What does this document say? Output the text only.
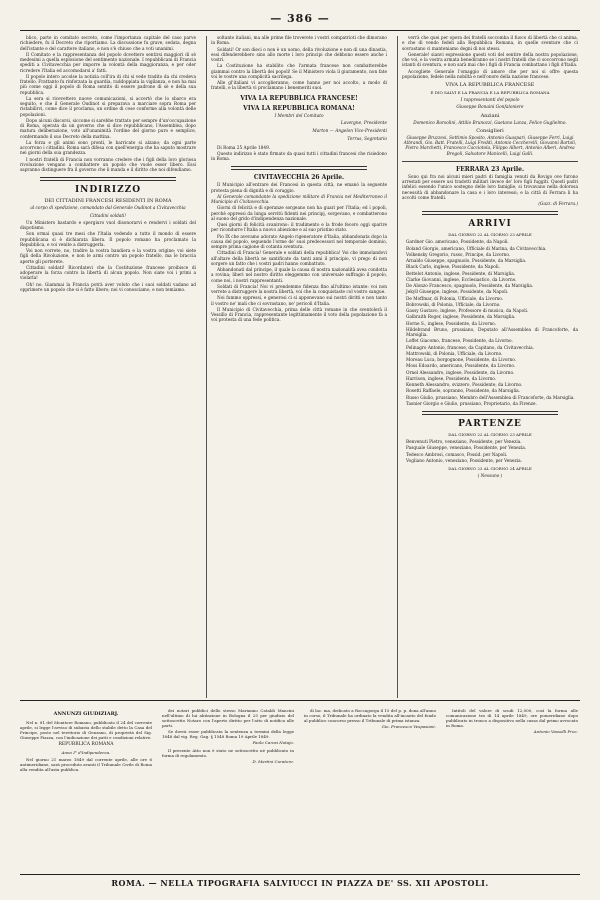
— 386 —

blico, parte in comitato secreto, come l'importanza capitale del caso parve richiedere, fu il Decreto che riportiamo. La discussione fu grave, sedata, degna dell'istante e del carattere italiano, e non s'è chiuso che a voti unanimi.

Il Comitato e la rappresentanza del popolo dovettero sentirsi maggiori di sè medesimi a quella esplosione del sentimento nazionale. I repubblicani di Francia spediti a Civitavecchia per imporre la volontà della maggioranza, e per oder ricredere l'Italia ed accomodarsi a' fatti.

Il popolo intero accolse la notizia coll'ira di chi si vede tradito da chi credeva fratello. Frattanto fu rinforzata la guardia, raddoppiata la vigilanza, e non ha mai più come oggi il popolo di Roma sentito di essere padrone di sè e della sua repubblica.

La sera si ricevettero nuove comunicazioni, si accertò che lo sbarco era seguito, e che il Generale Oudinot si preparava a marciare sopra Roma per ristabilirvi, come dice il proclama, un ordine di cose conforme alla volontà delle popolazioni.

Dopo alcuni discorsi, siccome si sarebbe trattato per sempre d'un'occupazione di Roma, operata da un governo che si dice repubblicano, l'Assemblea, dopo matura deliberazione, votò all'unanimità l'ordine del giorno puro e semplice, confermando il suo Decreto della mattina.

La forza e gli animi sono pronti, le barricate si alzano; da ogni parte accorrono i cittadini. Roma sarà difesa con quell'energia che ha saputo mostrare nei giorni della sua grandezza.

I nostri fratelli di Francia non vorranno credere che i figli della loro gloriosa rivoluzione vengano a combattere un popolo che vuole esser libero. Essi sapranno distinguere fra il governo che li manda e il diritto che noi difendiamo.

INDIRIZZO
DEI CITTADINI FRANCESI RESIDENTI IN ROMA
al corpo di spedizione, comandato dal Generale Oudinot a Civitavecchia
Cittadini soldati!

Un Ministero bastardo e spergiuro vuol disonorarvi e rendervi i soldati del dispotismo.

Son ormai quasi tre mesi che l'Italia vedendo a tutto il mondo di essere repubblicana si è dichiarata libera. Il popolo romano ha proclamato la Repubblica, e voi venite a distruggerla.

Voi non vorrete, no, tradire la vostra bandiera e la vostra origine; voi siete figli della Rivoluzione, e non le armi contro un popolo fratello, ma le braccia aperte gli porterete.

Cittadini soldati! Ricordatevi che la Costituzione francese proibisce di adoperare la forza contro la libertà di alcun popolo. Non siate voi i primi a violarla!

Oh! no. Giammai la Francia potrà aver voluto che i suoi soldati vadano ad opprimere un popolo che si è fatto libero; noi vi conosciamo, e non temiamo.

soltanto italiani, ma alle prime file troverete i vostri compatrioti che dimorano in Roma.

Soldati! Or son dieci o non è un uomo, della rivoluzione e non di una dinastia, essi difenderebbero sino allo morte i loro principi che debbono essere anche i vostri.

La Costituzione ha stabilito che l'armata francese non combatterebbe giammai contro la libertà dei popoli! Se il Ministero viola il giuramento, non fate voi le vostre una complicità sacrilega.

Alle gl'italiani vi accoglieranno, come hanno per noi accolto, a modo di fratelli, e la libertà vi proclamano i benemeriti suoi.

VIVA LA REPUBBLICA FRANCESE!
VIVA LA REPUBBLICA ROMANA!
I Membri del Comitato
Lavergne, Presidente
Marton — Angelon Vice-Presidenti
Terrus, Segretario

Di Roma 25 Aprile 1849.

Questo indirizzo è stato firmato da quasi tutti i cittadini francesi che risiedono in Roma.

CIVITAVECCHIA 26 Aprile.

Il Municipio all'entrare dei Francesi in questa città, ne emanò la seguente protesta piena di dignità e di coraggio.

Al Generale comandante la spedizione militare di Francia nel Mediterraneo il Municipio di Civitavecchia.

Giorni di felicità e di speranze sorgeano non ha guari per l'Italia; ed i popoli, perchè oppressi da lunga servitù fidenti nei principj, sorgevano, e combatterono al suono del grido d'indipendenza nazionale.

Quei giorni di felicità svanirono: il tradimento e la frode fecero oggi sparire per ricondurre l'Italia a nuovo abiezione e al suo pristino stato.

Pio IX che avevamo adorato Angelo rigeneratore d'Italia, abbandonata dopo la causa del popolo, seguendo l'orme de' suoi predecessori nel temporale dominio, sempre prima cagione di cotanta sventura.

Cittadini di Francia! Generale e soldati della repubblica! Voi che immolandovi all'altare della libertà ne santificate da tanti anni il principio, vi prego di non sorgere un fatto che i vostri padri hanno combattuto.

Abbandonati dal principe, il quale la causa di nostra nazionalità avea condotta a rovina; liberi nel nostro diritto eleggemmo con universale suffragio il popolo, come noi, i nostri rappresentanti.

Soldati di Francia! Noi vi prendemmo fidenza fino all'ultimo istante: voi non verrete a distruggere la nostra libertà, voi che la conquistaste col vostro sangue.

Noi fummo oppressi, e generosi ci si apponevano sui nostri diritti e non tanto il vostro ne' mali che ci sovrastano, ne' pericoli d'Italia.

Il Municipio di Civitavecchia, prima delle città romane in che sventolerà il Vessillo di Francia, rappresentante legittimamente il voto della popolazione fa a voi protesta di una fede politica.

verrà che quei per opera dei fratelli soccomba il fuoco di libertà che ci anima, e che di vendo fedeli alla Repubblica Romana, in quelle sventure che ci sovrastano ci manteniamo degni di noi stessi.

Generale! sianvi espressione questi voti del sentire della nostra popolazione, che voi, e la vostra armata benediranno se i nostri fratelli che ci soccorrono negli istanti di sventura, e non sarà mai che i figli di Francia combattano i figli d'Italia.

Accogliete Generale l'omaggio di amore che per noi si offre questa popolazione, fedele nella nobiltà e nell'onore della nazione francese.

VIVA LA REPUBBLICA FRANCESE
E DIO SALVI E LA FRANCIA E LA REPUBBLICA ROMANA
I rappresentanti del popolo
Giuseppe Bonaini Gonfaloniere
Anziani
Domenico Barsolini, Attilio Brunozzi, Gaetano Lanza, Felice Guglielmo.
Consiglieri
Giuseppe Bruzzesi, Settimio Sposito, Antonio Guaspari, Giuseppe Ferri, Luigi Albrandi, Gio. Batt. Fratelli, Luigi Freddi, Antonio Ceccherelli, Giovanni Bartoli, Pietro Marchetti, Francesco Cacciotola, Filippo Albert, Antonio Alberi, Andrea Bregoli, Salvatore Manicelli, Luigi Galli.
FERRARA 23 Aprile.

Sono qui fra noi alcuni mieri padri di famiglia venuti da Rovigo ove furono arrestati per essere usi tradotti militari invece de' loro figli fuggiti. Questi padri infelici essendo l'unico sostegno delle loro famiglie, si trovavano nella dolorosa necessità di abbandonare la casa e i loro interessi; e la città di Ferrara li ha accolti come fratelli.

(Gazz. di Ferrara.)
ARRIVI
DAL GIORNO 22 AL GIORNO 23 APRILE

Gardner Gio. americano, Possidente, da Napoli.

Boland Giorgio, americano, Ufficiale di Marina, da Civitavecchia.

Volkensky Gregorio, russo, Principe, da Livorno.

Arnaldo Giuseppe, spagnuolo, Possidente, da Marsiglia.

Black Carlo, inglese, Possidente, da Napoli.

Bettelot Antonio, inglese, Possidente, di Marsiglia.

Clarke Giovanni, inglese, Ecclesiastico, da Livorno.

De Alonzo Francesco, spagnuolo, Possidente, da Marsiglia.

Jekyll Giuseppe, inglese, Possidente, da Napoli.

De Moffmar, di Polonia, Ufficiale, da Livorno.

Bobrowski, di Polonia, Ufficiale, da Livorno.

Gassy Gustavo, inglese, Professore di musica, da Napoli.

Galbraith Roger, inglese, Possidente, da Marsiglia.

Horne S., inglese, Possidente, da Livorno.

Hildebrand Bruno, prussiano, Deputato all'Assemblea di Francoforte, da Marsiglia.

Loffet Giacomo, francese, Possidente, da Livorno.

Pelinagro Antonio, francese, da Capitano, da Civitavecchia.

Mattrowski, di Polonia, Ufficiale, da Livorno.

Moreau Luca, borgognone, Possidente, da Livorno.

Moss Edoardo, americano, Possidente, da Livorno.

Ornel Alessandro, inglese, Possidente, da Livorno.

Harrison, inglese, Possidente, da Livorno.

Kenneth Alessandro, svizzero, Possidente, da Livorno.

Rosetti Raffaele, sopranno, Possidente, da Marsiglia.

Russo Giulio, prussiano, Membro dell'Assemblea di Francoforte, da Marsiglia.

Tasnier Giorgio e Giulio, prussiano, Proprietario, da Firenze.

PARTENZE
DAL GIORNO 22 AL GIORNO 23 APRILE

Benvenuti Pietro, veneziano, Possidente, per Venezia.

Pasquale Giuseppe, veneziano, Possidente, per Venezia.

Tedesco Ambrosi, comasco, Possid. per Napoli.

Vogliano Antonio, veneziano, Possidente, per Venezia.

DAL GIORNO 23 AL GIORNO 24 APRILE
( Nessuno )
ANNUNZI GIUDIZIARJ.

Nel n. 81 del Monitore Romano, pubblicato il 24 del corrente aprile, si legge l'avviso di subasta dello stabile detto la Casa del Principe, posto nel territorio di Genzano, di proprietà del Sig. Giuseppe Piazza, con l'indicazione dei patti e condizioni relative.

REPUBBLICA ROMANA
Anno I° d'Indipendenza.

Nel giorno 21 marzo 1849 dal corrente aprile, alle ore 6 antimeridiane, sarà proceduto avanti il Tribunale Civile di Roma alla vendita all'asta pubblica.

dei notari pubblici dello stesso Marianno Cataldi Mancini nell'ultimo di lui abitazione in Bologna il 25 per giudizio del sottoscritto Notaro con l'aperto diritto per l'atto di notifica alle parti.

Se dovrà esser pubblicata la sentenza a termini della legge 1848 dal vig. Reg. Gag. § 1548 Roma 19 Aprile 1849.

Paolo Carosi Notajo.

Il presente Atto non è stato ne sottoscritto né pubblicato in forma di regolamento.

D. Martini Curatore.

di lac. ma, dedicato a Roccagorga il 15 del p. p. dona all'anno in corso, il Tribunale ha ordinato la vendita all'incanto del fondo al pubblico concorso presso il Tribunale di prima istanza.

Gio. Francesco Vespasiani.

Intitoli del valore di scudi 12,000, così la forma alle comunicazione tra di 14 aprile 1849, ore pomeridiane dopo pubblicato in tronco a dispositivo nella cassa dal primo avvocato in Roma.

Antonio Vassolli Proc.
ROMA. — NELLA TIPOGRAFIA SALVIUCCI IN PIAZZA DE' SS. XII APOSTOLI.
